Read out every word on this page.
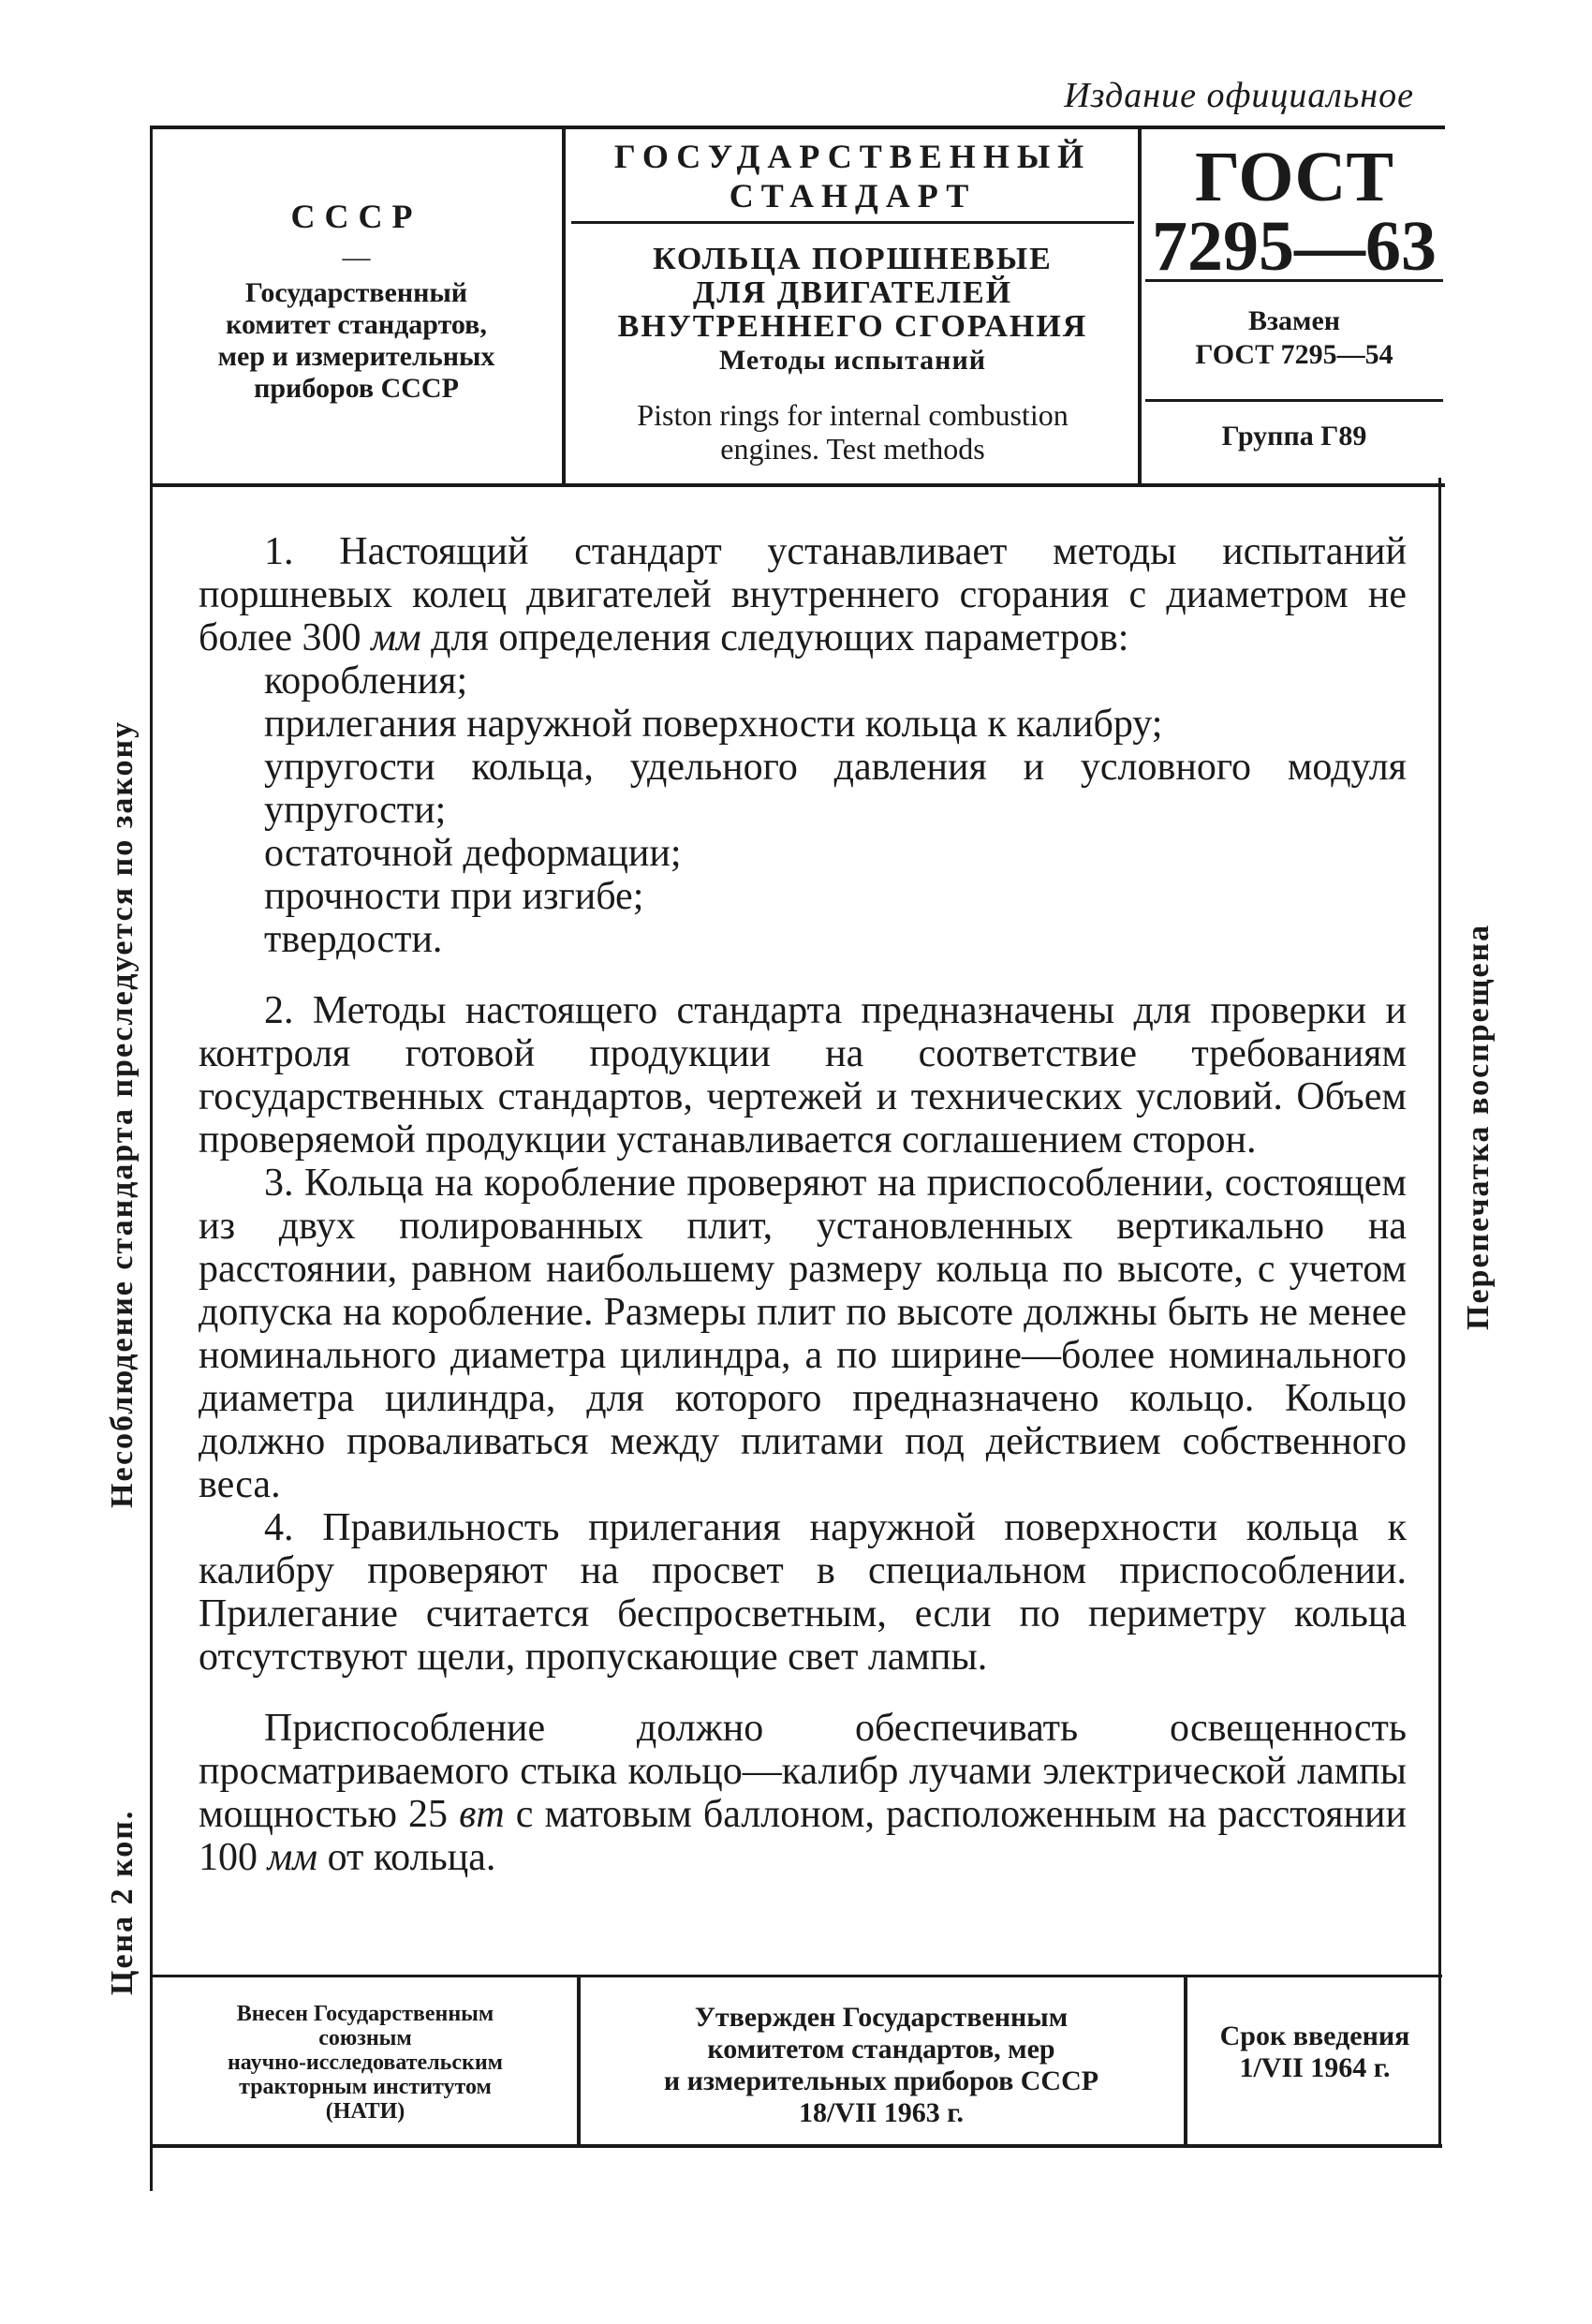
Издание официальное
СССР
—
Государственный
комитет стандартов,
мер и измерительных
приборов СССР
ГОСУДАРСТВЕННЫЙ
СТАНДАРТ
КОЛЬЦА ПОРШНЕВЫЕ
ДЛЯ ДВИГАТЕЛЕЙ
ВНУТРЕННЕГО СГОРАНИЯ
Методы испытаний
Piston rings for internal combustion
engines. Test methods
ГОСТ
7295—63
Взамен
ГОСТ 7295—54
Группа Г89

1. Настоящий стандарт устанавливает методы испытаний поршневых колец двигателей внутреннего сгорания с диаметром не более 300 мм для определения следующих параметров:

коробления;

прилегания наружной поверхности кольца к калибру;

упругости кольца, удельного давления и условного модуля упругости;

остаточной деформации;

прочности при изгибе;

твердости.

2. Методы настоящего стандарта предназначены для проверки и контроля готовой продукции на соответствие требованиям государственных стандартов, чертежей и технических условий. Объем проверяемой продукции устанавливается соглашением сторон.

3. Кольца на коробление проверяют на приспособлении, состоящем из двух полированных плит, установленных вертикально на расстоянии, равном наибольшему размеру кольца по высоте, с учетом допуска на коробление. Размеры плит по высоте должны быть не менее номинального диаметра цилиндра, а по ширине—более номинального диаметра цилиндра, для которого предназначено кольцо. Кольцо должно проваливаться между плитами под действием собственного веса.

4. Правильность прилегания наружной поверхности кольца к калибру проверяют на просвет в специальном приспособлении. Прилегание считается беспросветным, если по периметру кольца отсутствуют щели, пропускающие свет лампы.

Приспособление должно обеспечивать освещенность просматриваемого стыка кольцо—калибр лучами электрической лампы мощностью 25 вт с матовым баллоном, расположенным на расстоянии 100 мм от кольца.

Несоблюдение стандарта преследуется по закону
Цена 2 коп.
Перепечатка воспрещена
Внесен Государственным
союзным
научно-исследовательским
тракторным институтом
(НАТИ)
Утвержден Государственным
комитетом стандартов, мер
и измерительных приборов СССР
18/VII 1963 г.
Срок введения
1/VII 1964 г.
